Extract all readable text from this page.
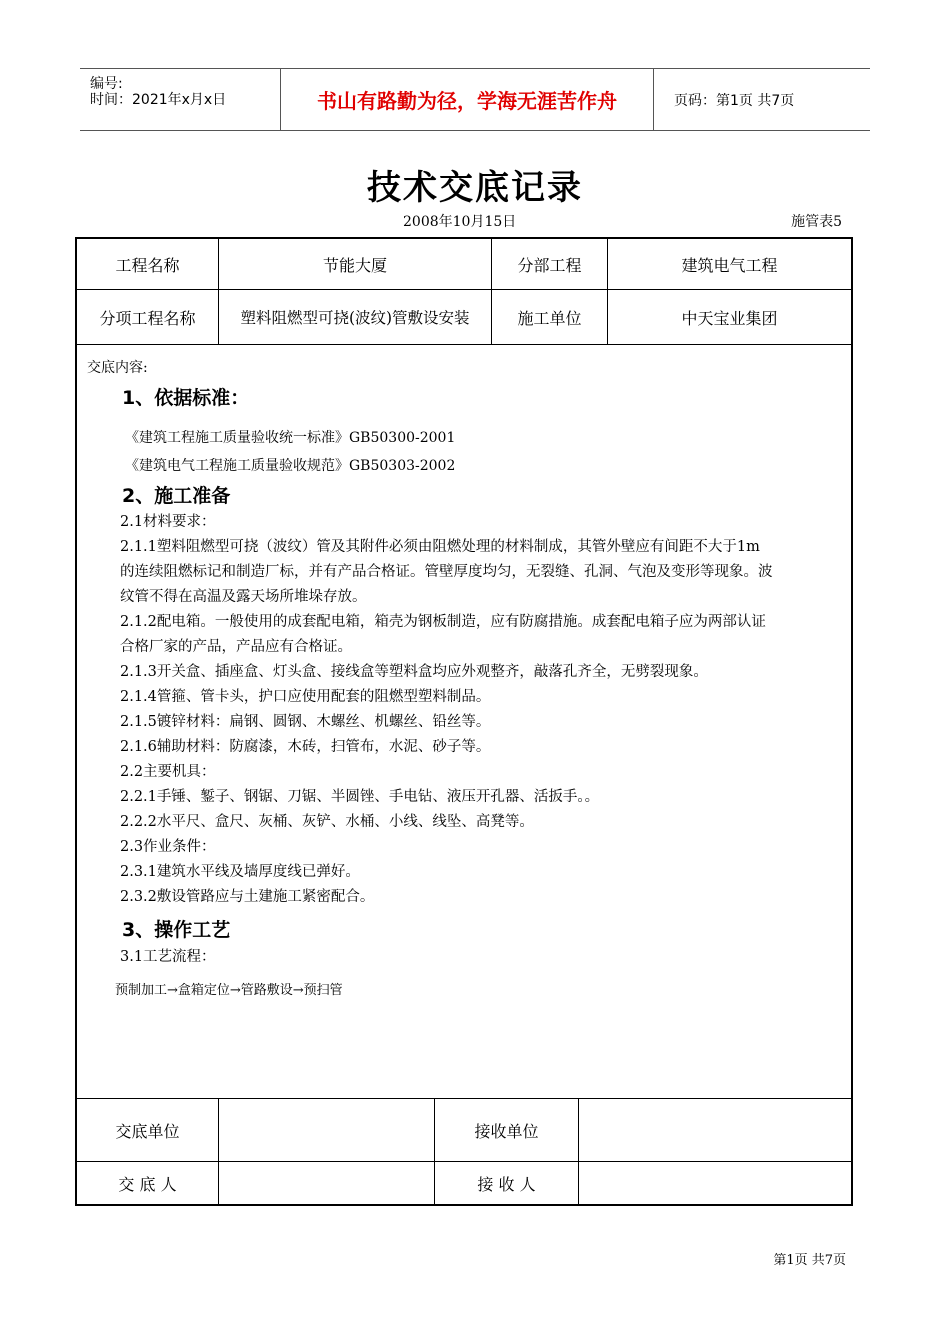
编号:
时间：2021年x月x日	书山有路勤为径，学海无涯苦作舟	页码：第1页 共7页
技术交底记录
2008年10月15日	施管表5
工程名称	节能大厦	分部工程	建筑电气工程
分项工程名称	塑料阻燃型可挠(波纹)管敷设安装	施工单位	中天宝业集团
交底内容:
1、依据标准：
《建筑工程施工质量验收统一标准》GB50300-2001
《建筑电气工程施工质量验收规范》GB50303-2002
2、施工准备
2.1材料要求：
2.1.1塑料阻燃型可挠（波纹）管及其附件必须由阻燃处理的材料制成，其管外壁应有间距不大于1m
的连续阻燃标记和制造厂标，并有产品合格证。管壁厚度均匀，无裂缝、孔洞、气泡及变形等现象。波
纹管不得在高温及露天场所堆垛存放。
2.1.2配电箱。一般使用的成套配电箱，箱壳为钢板制造，应有防腐措施。成套配电箱子应为两部认证
合格厂家的产品，产品应有合格证。
2.1.3开关盒、插座盒、灯头盒、接线盒等塑料盒均应外观整齐，敲落孔齐全，无劈裂现象。
2.1.4管箍、管卡头，护口应使用配套的阻燃型塑料制品。
2.1.5镀锌材料：扁钢、圆钢、木螺丝、机螺丝、铅丝等。
2.1.6辅助材料：防腐漆，木砖，扫管布，水泥、砂子等。
2.2主要机具：
2.2.1手锤、錾子、钢锯、刀锯、半圆锉、手电钻、液压开孔器、活扳手。。
2.2.2水平尺、盒尺、灰桶、灰铲、水桶、小线、线坠、高凳等。
2.3作业条件：
2.3.1建筑水平线及墙厚度线已弹好。
2.3.2敷设管路应与土建施工紧密配合。
3、操作工艺
3.1工艺流程：
预制加工→盒箱定位→管路敷设→预扫管
交底单位	接收单位
交 底 人	接 收 人
第1页 共7页
